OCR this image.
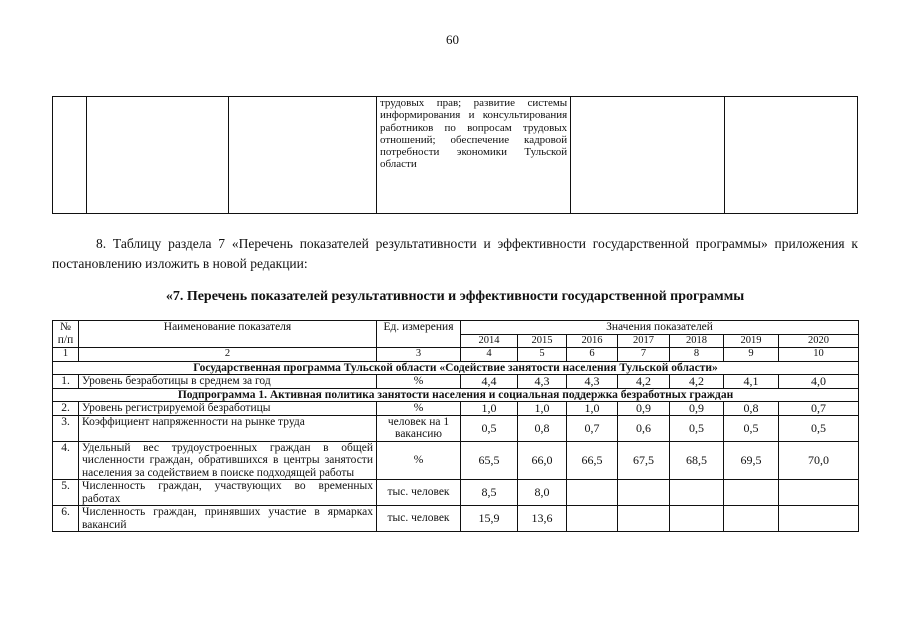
60
			трудовых прав; развитие системы информирования и консультирования работников по вопросам трудовых отношений; обеспечение кадровой потребности экономики Тульской области		
8. Таблицу раздела 7 «Перечень показателей результативности и эффективности государственной программы» приложения к постановлению изложить в новой редакции:
«7. Перечень показателей результативности и эффективности государственной программы
№ п/п	Наименование показателя	Ед. измерения	Значения показателей						
			2014	2015	2016	2017	2018	2019	2020
1	2	3	4	5	6	7	8	9	10
Государственная программа Тульской области «Содействие занятости населения Тульской области»									
1.	Уровень безработицы в среднем за год	%	4,4	4,3	4,3	4,2	4,2	4,1	4,0
Подпрограмма 1. Активная политика занятости населения и социальная поддержка безработных граждан									
2.	Уровень регистрируемой безработицы	%	1,0	1,0	1,0	0,9	0,9	0,8	0,7
3.	Коэффициент напряженности на рынке труда	человек на 1 вакансию	0,5	0,8	0,7	0,6	0,5	0,5	0,5
4.	Удельный вес трудоустроенных граждан в общей численности граждан, обратившихся в центры занятости населения за содействием в поиске подходящей работы	%	65,5	66,0	66,5	67,5	68,5	69,5	70,0
5.	Численность граждан, участвующих во временных работах	тыс. человек	8,5	8,0					
6.	Численность граждан, принявших участие в ярмарках вакансий	тыс. человек	15,9	13,6					
